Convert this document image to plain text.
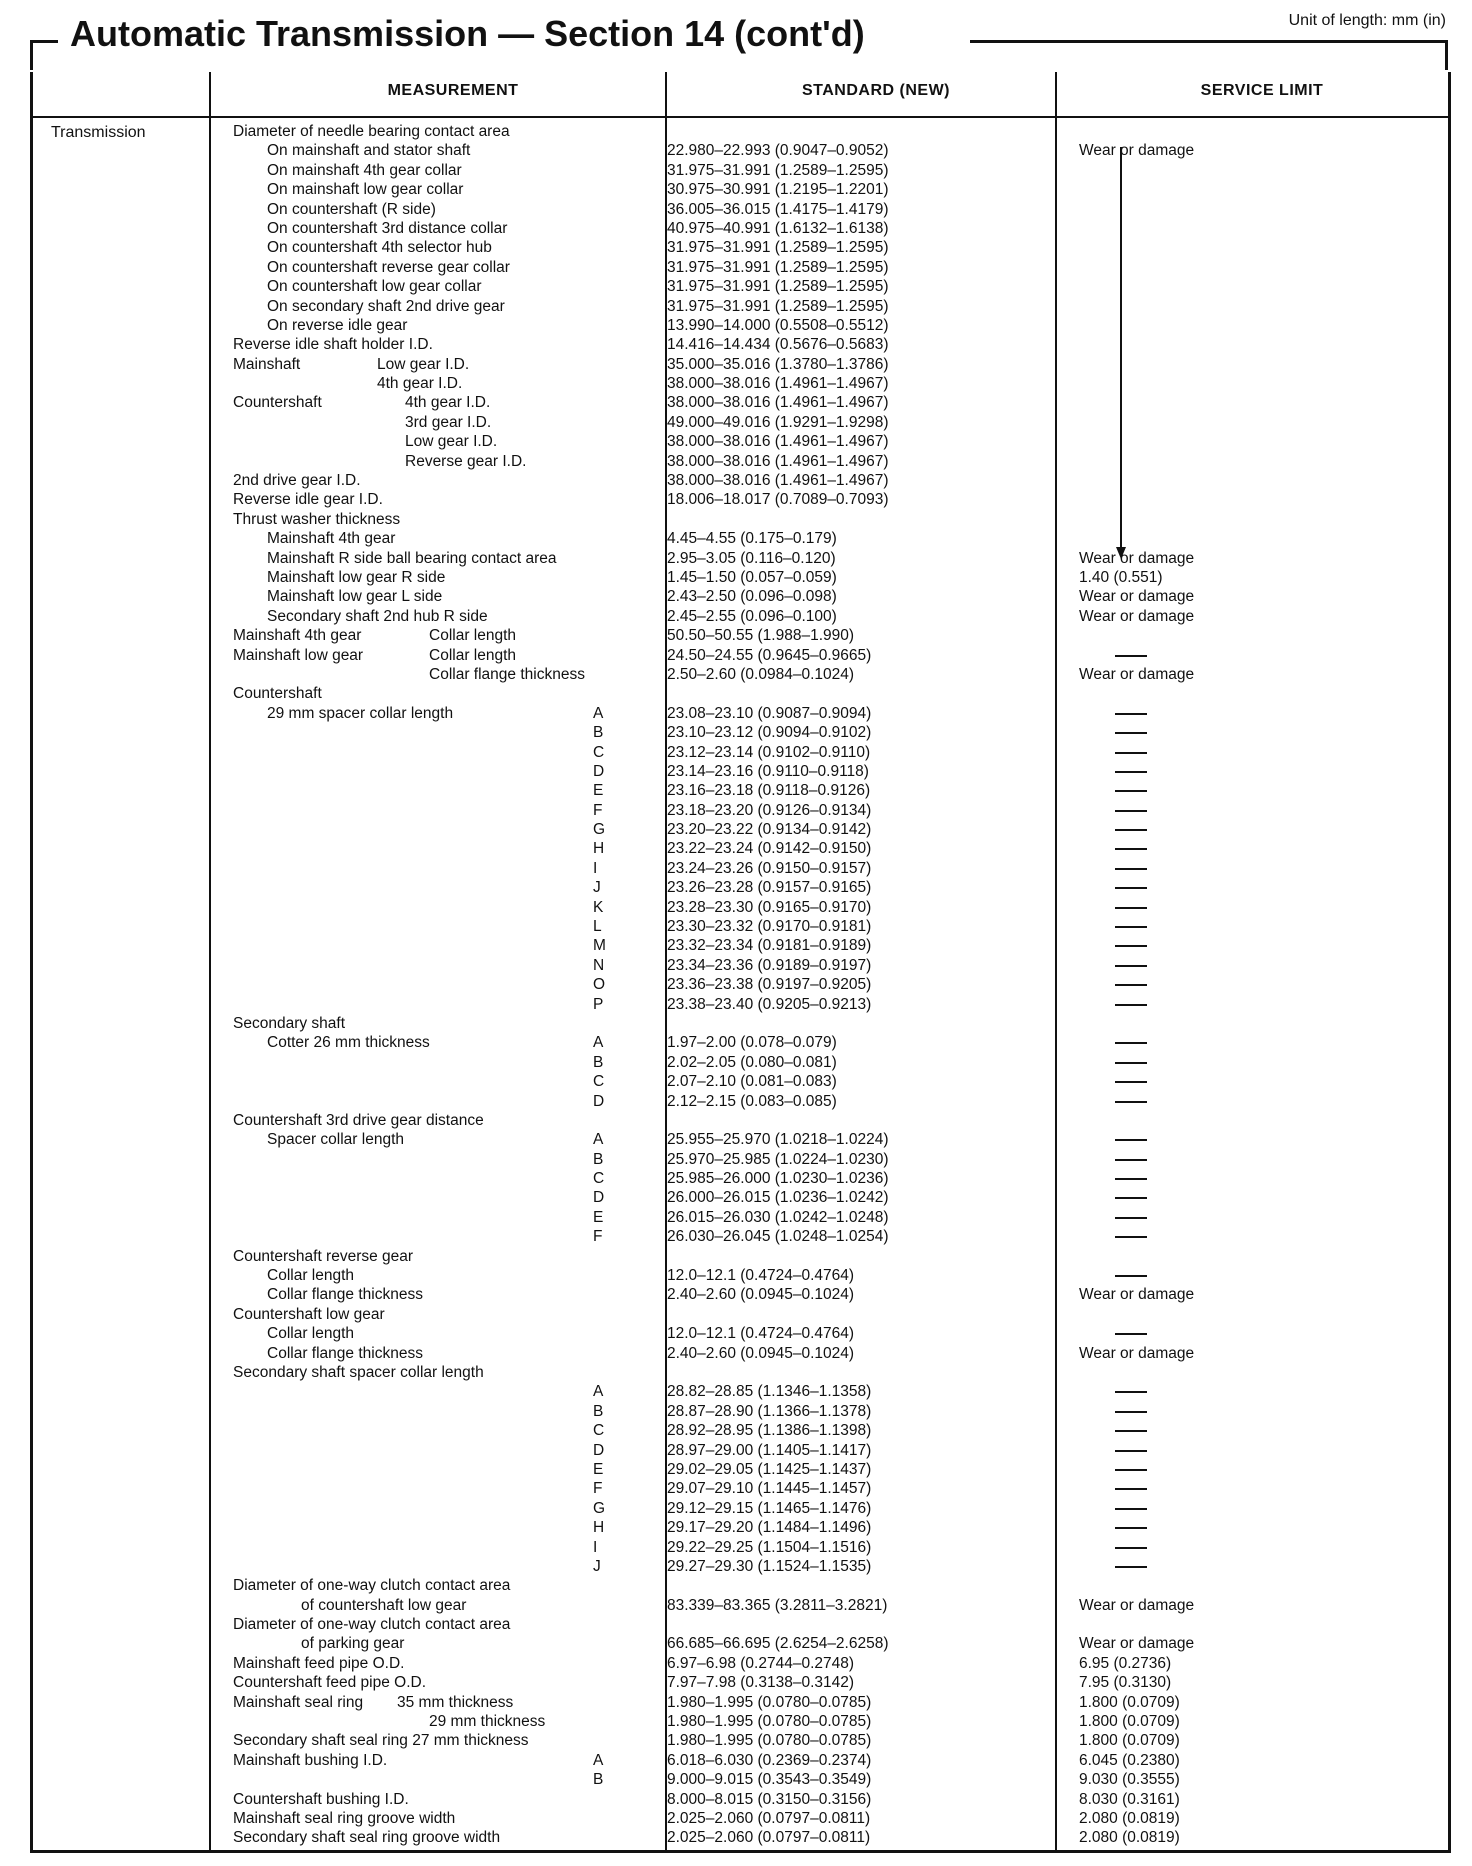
Automatic Transmission — Section 14 (cont'd)	Unit of length: mm (in)
MEASUREMENT	STANDARD (NEW)	SERVICE LIMIT
Transmission	Diameter of needle bearing contact area
On mainshaft and stator shaft	22.980–22.993 (0.9047–0.9052)	Wear or damage
On mainshaft 4th gear collar	31.975–31.991 (1.2589–1.2595)
On mainshaft low gear collar	30.975–30.991 (1.2195–1.2201)
On countershaft (R side)	36.005–36.015 (1.4175–1.4179)
On countershaft 3rd distance collar	40.975–40.991 (1.6132–1.6138)
On countershaft 4th selector hub	31.975–31.991 (1.2589–1.2595)
On countershaft reverse gear collar	31.975–31.991 (1.2589–1.2595)
On countershaft low gear collar	31.975–31.991 (1.2589–1.2595)
On secondary shaft 2nd drive gear	31.975–31.991 (1.2589–1.2595)
On reverse idle gear	13.990–14.000 (0.5508–0.5512)
Reverse idle shaft holder I.D.	14.416–14.434 (0.5676–0.5683)
Mainshaft	Low gear I.D.	35.000–35.016 (1.3780–1.3786)
4th gear I.D.	38.000–38.016 (1.4961–1.4967)
Countershaft	4th gear I.D.	38.000–38.016 (1.4961–1.4967)
3rd gear I.D.	49.000–49.016 (1.9291–1.9298)
Low gear I.D.	38.000–38.016 (1.4961–1.4967)
Reverse gear I.D.	38.000–38.016 (1.4961–1.4967)
2nd drive gear I.D.	38.000–38.016 (1.4961–1.4967)
Reverse idle gear I.D.	18.006–18.017 (0.7089–0.7093)
Thrust washer thickness
Mainshaft 4th gear	4.45–4.55 (0.175–0.179)
Mainshaft R side ball bearing contact area	2.95–3.05 (0.116–0.120)	Wear or damage
Mainshaft low gear R side	1.45–1.50 (0.057–0.059)	1.40 (0.551)
Mainshaft low gear L side	2.43–2.50 (0.096–0.098)	Wear or damage
Secondary shaft 2nd hub R side	2.45–2.55 (0.096–0.100)	Wear or damage
Mainshaft 4th gear	Collar length	50.50–50.55 (1.988–1.990)
Mainshaft low gear	Collar length	24.50–24.55 (0.9645–0.9665)
Collar flange thickness	2.50–2.60 (0.0984–0.1024)	Wear or damage
Countershaft
29 mm spacer collar length	A	23.08–23.10 (0.9087–0.9094)
B	23.10–23.12 (0.9094–0.9102)
C	23.12–23.14 (0.9102–0.9110)
D	23.14–23.16 (0.9110–0.9118)
E	23.16–23.18 (0.9118–0.9126)
F	23.18–23.20 (0.9126–0.9134)
G	23.20–23.22 (0.9134–0.9142)
H	23.22–23.24 (0.9142–0.9150)
I	23.24–23.26 (0.9150–0.9157)
J	23.26–23.28 (0.9157–0.9165)
K	23.28–23.30 (0.9165–0.9170)
L	23.30–23.32 (0.9170–0.9181)
M	23.32–23.34 (0.9181–0.9189)
N	23.34–23.36 (0.9189–0.9197)
O	23.36–23.38 (0.9197–0.9205)
P	23.38–23.40 (0.9205–0.9213)
Secondary shaft
Cotter 26 mm thickness	A	1.97–2.00 (0.078–0.079)
B	2.02–2.05 (0.080–0.081)
C	2.07–2.10 (0.081–0.083)
D	2.12–2.15 (0.083–0.085)
Countershaft 3rd drive gear distance
Spacer collar length	A	25.955–25.970 (1.0218–1.0224)
B	25.970–25.985 (1.0224–1.0230)
C	25.985–26.000 (1.0230–1.0236)
D	26.000–26.015 (1.0236–1.0242)
E	26.015–26.030 (1.0242–1.0248)
F	26.030–26.045 (1.0248–1.0254)
Countershaft reverse gear
Collar length	12.0–12.1 (0.4724–0.4764)
Collar flange thickness	2.40–2.60 (0.0945–0.1024)	Wear or damage
Countershaft low gear
Collar length	12.0–12.1 (0.4724–0.4764)
Collar flange thickness	2.40–2.60 (0.0945–0.1024)	Wear or damage
Secondary shaft spacer collar length
A	28.82–28.85 (1.1346–1.1358)
B	28.87–28.90 (1.1366–1.1378)
C	28.92–28.95 (1.1386–1.1398)
D	28.97–29.00 (1.1405–1.1417)
E	29.02–29.05 (1.1425–1.1437)
F	29.07–29.10 (1.1445–1.1457)
G	29.12–29.15 (1.1465–1.1476)
H	29.17–29.20 (1.1484–1.1496)
I	29.22–29.25 (1.1504–1.1516)
J	29.27–29.30 (1.1524–1.1535)
Diameter of one-way clutch contact area
of countershaft low gear	83.339–83.365 (3.2811–3.2821)	Wear or damage
Diameter of one-way clutch contact area
of parking gear	66.685–66.695 (2.6254–2.6258)	Wear or damage
Mainshaft feed pipe O.D.	6.97–6.98 (0.2744–0.2748)	6.95 (0.2736)
Countershaft feed pipe O.D.	7.97–7.98 (0.3138–0.3142)	7.95 (0.3130)
Mainshaft seal ring 35 mm thickness	1.980–1.995 (0.0780–0.0785)	1.800 (0.0709)
29 mm thickness	1.980–1.995 (0.0780–0.0785)	1.800 (0.0709)
Secondary shaft seal ring 27 mm thickness	1.980–1.995 (0.0780–0.0785)	1.800 (0.0709)
Mainshaft bushing I.D.	A	6.018–6.030 (0.2369–0.2374)	6.045 (0.2380)
B	9.000–9.015 (0.3543–0.3549)	9.030 (0.3555)
Countershaft bushing I.D.	8.000–8.015 (0.3150–0.3156)	8.030 (0.3161)
Mainshaft seal ring groove width	2.025–2.060 (0.0797–0.0811)	2.080 (0.0819)
Secondary shaft seal ring groove width	2.025–2.060 (0.0797–0.0811)	2.080 (0.0819)
